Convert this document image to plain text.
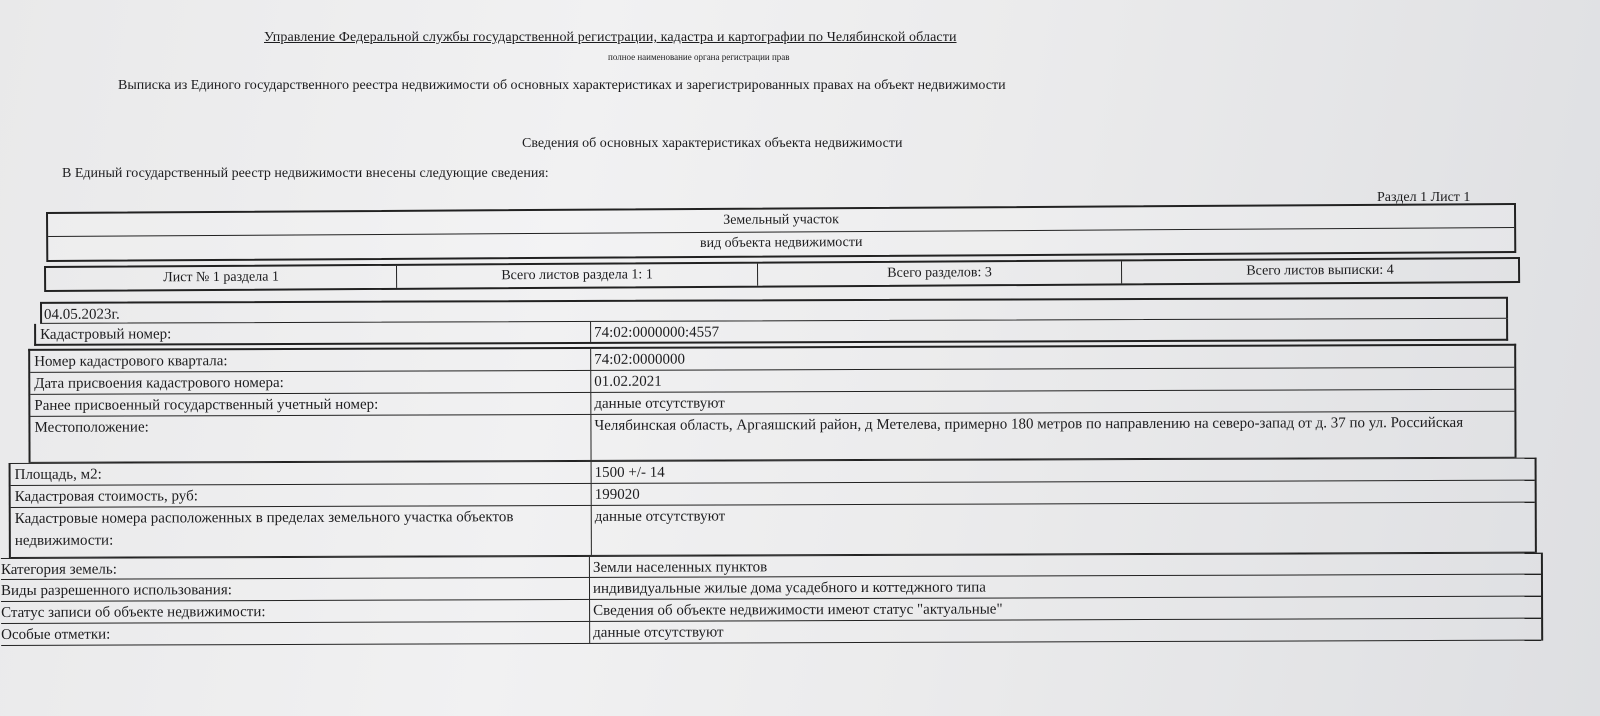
Управление Федеральной службы государственной регистрации, кадастра и картографии по Челябинской области
полное наименование органа регистрации прав
Выписка из Единого государственного реестра недвижимости об основных характеристиках и зарегистрированных правах на объект недвижимости
Сведения об основных характеристиках объекта недвижимости
В Единый государственный реестр недвижимости внесены следующие сведения:
Раздел 1 Лист 1
Земельный участок
вид объекта недвижимости
Лист № 1 раздела 1	Всего листов раздела 1: 1	Всего разделов: 3	Всего листов выписки: 4
04.05.2023г.
Кадастровый номер:	74:02:0000000:4557
Номер кадастрового квартала:	74:02:0000000
Дата присвоения кадастрового номера:	01.02.2021
Ранее присвоенный государственный учетный номер:	данные отсутствуют
Местоположение:	Челябинская область, Аргаяшский район, д Метелева, примерно 180 метров по направлению на северо-запад от д. 37 по ул. Российская
Площадь, м2:	1500 +/- 14
Кадастровая стоимость, руб:	199020
Кадастровые номера расположенных в пределах земельного участка объектов недвижимости:
данные отсутствуют
Категория земель:	Земли населенных пунктов
Виды разрешенного использования:	индивидуальные жилые дома усадебного и коттеджного типа
Статус записи об объекте недвижимости:	Сведения об объекте недвижимости имеют статус "актуальные"
Особые отметки:	данные отсутствуют
